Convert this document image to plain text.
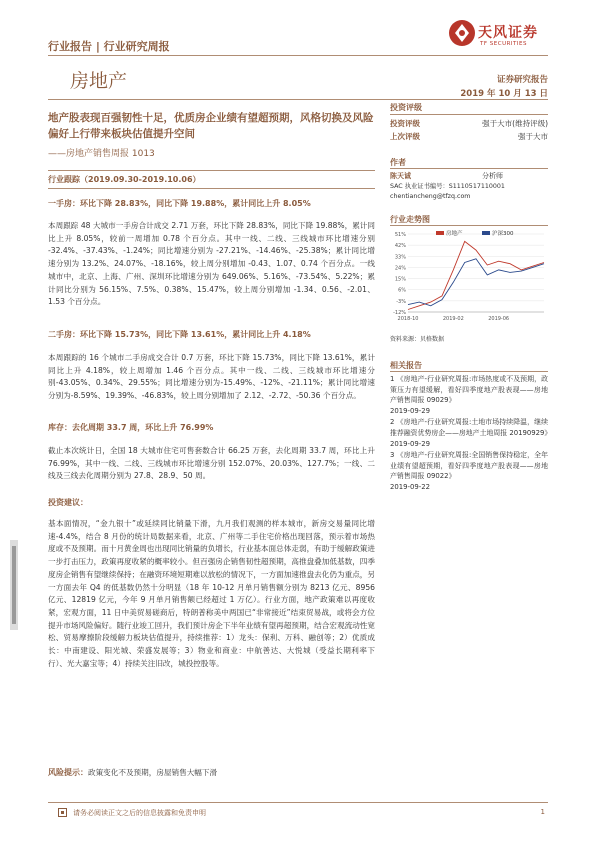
行业报告 | 行业研究周报
天风证券
TF SECURITIES
房地产	证券研究报告
2019 年 10 月 13 日
地产股表现百强韧性十足，优质房企业绩有望超预期，风格切换及风险偏好上行带来板块估值提升空间
——房地产销售周报 1013
投资评级
投资评级	强于大市(维持评级)
上次评级	强于大市
作者
陈天诚	分析师
SAC 执业证书编号：S1110517110001
chentiancheng@tfzq.com
行业走势图
51%
42%
33%
24%
15%
6%
-3%
-12%
2018-10	2019-02	2019-06
房地产	沪深300
资料来源：贝格数据
相关报告
1 《房地产-行业研究周报:市场热度或不及预期，政策压力有望缓解，看好四季度地产股表现——房地产销售周报 09029》
2019-09-29
2 《房地产-行业研究周报:土地市场持续降温，继续推荐融资优势房企——房地产土地周报 20190929》
2019-09-29
3 《房地产-行业研究周报:全国销售保持稳定，全年业绩有望超预期，看好四季度地产股表现——房地产销售周报 09022》
2019-09-22
行业跟踪（2019.09.30-2019.10.06）
一手房：环比下降 28.83%，同比下降 19.88%，累计同比上升 8.05%
本周跟踪 48 大城市一手房合计成交 2.71 万套，环比下降 28.83%，同比下降 19.88%，累计同比上升 8.05%，较前一周增加 0.78 个百分点。其中一线、二线、三线城市环比增速分别 -32.4%、-37.43%、-1.24%；同比增速分别为 -27.21%、-14.46%、-25.38%；累计同比增速分别为 13.2%、24.07%、-18.16%，较上周分别增加 -0.43、1.07、0.74 个百分点。一线城市中，北京、上海、广州、深圳环比增速分别为 649.06%、5.16%、-73.54%、5.22%；累计同比分别为 56.15%、7.5%、0.38%、15.47%，较上周分别增加 -1.34、0.56、-2.01、1.53 个百分点。
二手房：环比下降 15.73%，同比下降 13.61%，累计同比上升 4.18%
本周跟踪的 16 个城市二手房成交合计 0.7 万套，环比下降 15.73%，同比下降 13.61%，累计同比上升 4.18%，较上周增加 1.46 个百分点。其中一线、二线、三线城市环比增速分别-43.05%、0.34%、29.55%；同比增速分别为-15.49%、-12%、-21.11%；累计同比增速分别为-8.59%、19.39%、-46.83%，较上周分别增加了 2.12、-2.72、-50.36 个百分点。
库存：去化周期 33.7 周，环比上升 76.99%
截止本次统计日，全国 18 大城市住宅可售套数合计 66.25 万套，去化周期 33.7 周，环比上升 76.99%，其中一线、二线、三线城市环比增速分别 152.07%、20.03%、127.7%；一线、二线及三线去化周期分别为 27.8、28.9、50 周。
投资建议：
基本面情况，“金九银十”或延续同比销量下滑，九月我们观测的样本城市，新房交易量同比增速-4.4%，结合 8 月份的统计局数据来看，北京、广州等二手住宅价格出现回落，预示着市场热度或不及预期。而十月黄金周也出现同比销量的负增长，行业基本面总体走弱，有助于缓解政策进一步打击压力，政策再度收紧的概率较小。但百强房企销售韧性超预期，高推盘叠加低基数，四季度房企销售有望继续保持；在融资环境短期难以放松的情况下，一方面加速推盘去化仍为重点，另一方面去年 Q4 的低基数仍然十分明显（18 年 10-12 月单月销售额分别为 8213 亿元、8956 亿元、12819 亿元，今年 9 月单月销售额已经超过 1 万亿）。行业方面，地产政策难以再度收紧，宏观方面，11 日中美贸易磋商后，特朗普称美中两国已“非常接近”结束贸易战，或将会方位提升市场风险偏好。随行业竣工回升，我们预计房企下半年业绩有望再超预期，结合宏观流动性宽松、贸易摩擦阶段缓解力板块估值提升，持续推荐：1）龙头：保利、万科、融创等；2）优质成长：中南建设、阳光城、荣盛发展等；3）物业和商业：中航善达、大悦城（受益长期利率下行）、光大嘉宝等；4）持续关注旧改，城投控股等。
风险提示：政策变化不及预期，房屋销售大幅下滑
请务必阅读正文之后的信息披露和免责申明	1
